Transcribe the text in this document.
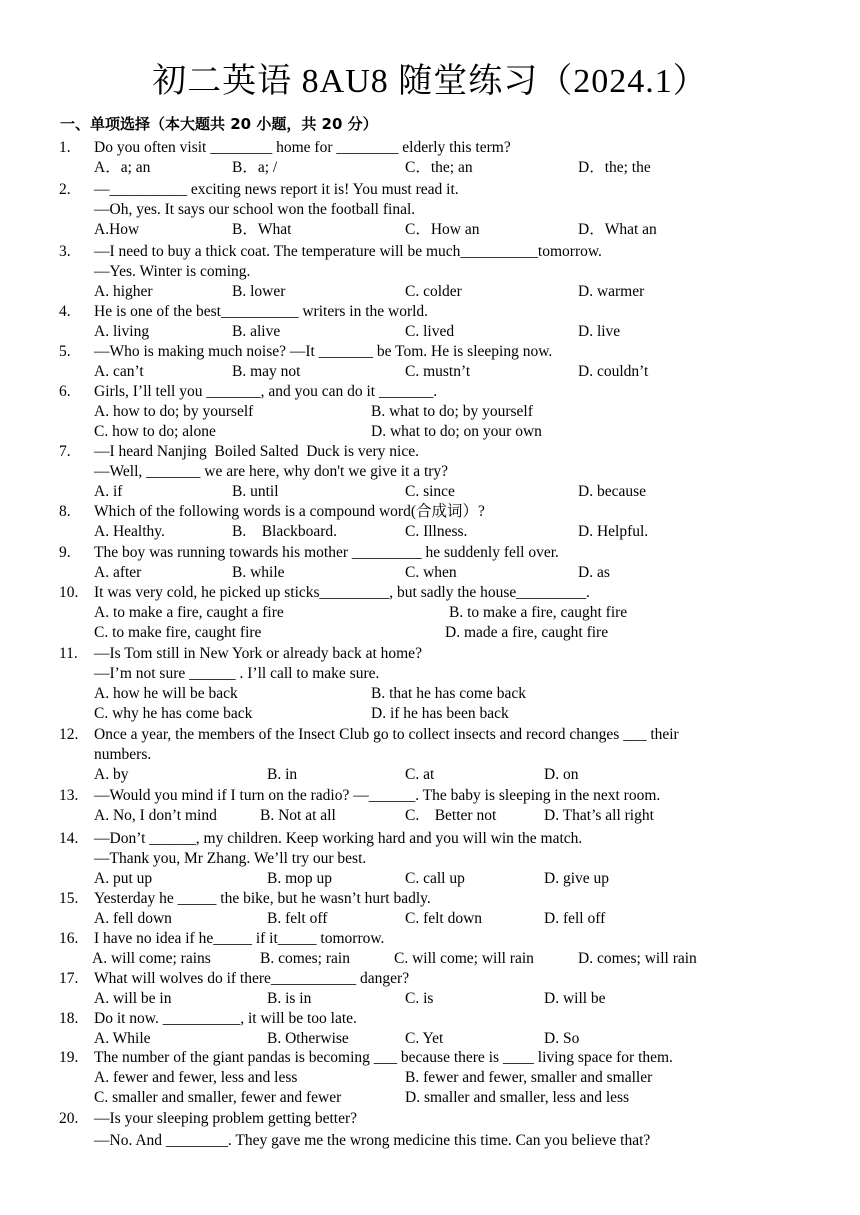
初二英语 8AU8 随堂练习（2024.1）
一、单项选择（本大题共 20 小题，共 20 分）
1. Do you often visit ________ home for ________ elderly this term?
A．a; an	B．a; /	C．the; an	D．the; the
2. —__________ exciting news report it is! You must read it.
—Oh, yes. It says our school won the football final.
A.How	B．What	C．How an	D．What an
3. —I need to buy a thick coat. The temperature will be much__________tomorrow.
—Yes. Winter is coming.
A. higher	B. lower	C. colder	D. warmer
4. He is one of the best__________ writers in the world.
A. living	B. alive	C. lived	D. live
5. —Who is making much noise? —It _______ be Tom. He is sleeping now.
A. can’t	B. may not	C. mustn’t	D. couldn’t
6. Girls, I’ll tell you _______, and you can do it _______.
A. how to do; by yourself	B. what to do; by yourself
C. how to do; alone	D. what to do; on your own
7. —I heard Nanjing  Boiled Salted  Duck is very nice.
—Well, _______ we are here, why don't we give it a try?
A. if	B. until	C. since	D. because
8. Which of the following words is a compound word(合成词）?
A. Healthy.	B.    Blackboard.	C. Illness.	D. Helpful.
9. The boy was running towards his mother _________ he suddenly fell over.
A. after	B. while	C. when	D. as
10. It was very cold, he picked up sticks_________, but sadly the house_________.
A. to make a fire, caught a fire	B. to make a fire, caught fire
C. to make fire, caught fire	D. made a fire, caught fire
11. —Is Tom still in New York or already back at home?
—I’m not sure ______ . I’ll call to make sure.
A. how he will be back	B. that he has come back
C. why he has come back	D. if he has been back
12. Once a year, the members of the Insect Club go to collect insects and record changes ___ their
numbers.
A. by	B. in	C. at	D. on
13. —Would you mind if I turn on the radio? —______. The baby is sleeping in the next room.
A. No, I don’t mind	B. Not at all	C.    Better not	D. That’s all right
14. —Don’t ______, my children. Keep working hard and you will win the match.
—Thank you, Mr Zhang. We’ll try our best.
A. put up	B. mop up	C. call up	D. give up
15. Yesterday he _____ the bike, but he wasn’t hurt badly.
A. fell down	B. felt off	C. felt down	D. fell off
16. I have no idea if he_____ if it_____ tomorrow.
A. will come; rains	B. comes; rain	C. will come; will rain	D. comes; will rain
17. What will wolves do if there___________ danger?
A. will be in	B. is in	C. is	D. will be
18. Do it now. __________, it will be too late.
A. While	B. Otherwise	C. Yet	D. So
19. The number of the giant pandas is becoming ___ because there is ____ living space for them.
A. fewer and fewer, less and less	B. fewer and fewer, smaller and smaller
C. smaller and smaller, fewer and fewer	D. smaller and smaller, less and less
20. —Is your sleeping problem getting better?
—No. And ________. They gave me the wrong medicine this time. Can you believe that?
